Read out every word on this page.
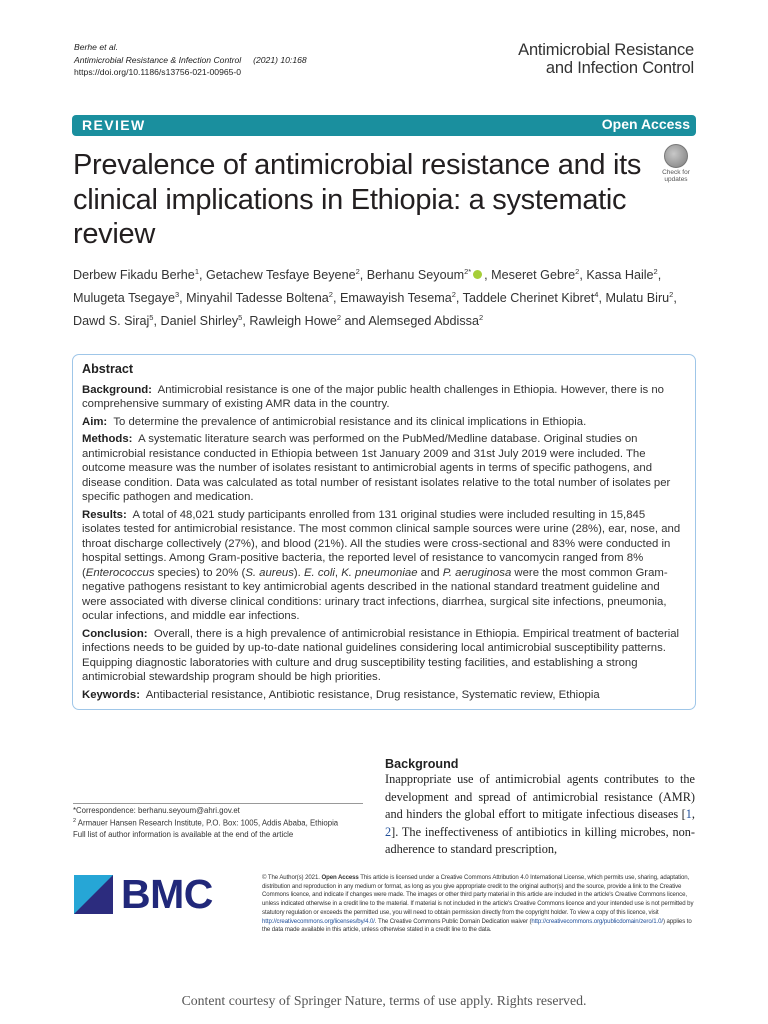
Berhe et al.
Antimicrobial Resistance & Infection Control (2021) 10:168
https://doi.org/10.1186/s13756-021-00965-0
Antimicrobial Resistance
and Infection Control
REVIEW	Open Access
Prevalence of antimicrobial resistance and its clinical implications in Ethiopia: a systematic review
Check for
updates
Derbew Fikadu Berhe$^1$, Getachew Tesfaye Beyene$^2$, Berhanu Seyoum$^{2*}$ , Meseret Gebre$^2$, Kassa Haile$^2$, Mulugeta Tsegaye$^3$, Minyahil Tadesse Boltena$^2$, Emawayish Tesema$^2$, Taddele Cherinet Kibret$^4$, Mulatu Biru$^2$, Dawd S. Siraj$^5$, Daniel Shirley$^5$, Rawleigh Howe$^2$ and Alemseged Abdissa$^2$
Abstract

Background: Antimicrobial resistance is one of the major public health challenges in Ethiopia. However, there is no comprehensive summary of existing AMR data in the country.

Aim: To determine the prevalence of antimicrobial resistance and its clinical implications in Ethiopia.

Methods: A systematic literature search was performed on the PubMed/Medline database. Original studies on antimicrobial resistance conducted in Ethiopia between 1st January 2009 and 31st July 2019 were included. The outcome measure was the number of isolates resistant to antimicrobial agents in terms of specific pathogens, and disease condition. Data was calculated as total number of resistant isolates relative to the total number of isolates per specific pathogen and medication.

Results: A total of 48,021 study participants enrolled from 131 original studies were included resulting in 15,845 isolates tested for antimicrobial resistance. The most common clinical sample sources were urine (28%), ear, nose, and throat discharge collectively (27%), and blood (21%). All the studies were cross-sectional and 83% were conducted in hospital settings. Among Gram-positive bacteria, the reported level of resistance to vancomycin ranged from 8% (Enterococcus species) to 20% (S. aureus). E. coli, K. pneumoniae and P. aeruginosa were the most common Gram-negative pathogens resistant to key antimicrobial agents described in the national standard treatment guideline and were associated with diverse clinical conditions: urinary tract infections, diarrhea, surgical site infections, pneumonia, ocular infections, and middle ear infections.

Conclusion: Overall, there is a high prevalence of antimicrobial resistance in Ethiopia. Empirical treatment of bacterial infections needs to be guided by up-to-date national guidelines considering local antimicrobial susceptibility patterns. Equipping diagnostic laboratories with culture and drug susceptibility testing facilities, and establishing a strong antimicrobial stewardship program should be high priorities.

Keywords: Antibacterial resistance, Antibiotic resistance, Drug resistance, Systematic review, Ethiopia

Background
Inappropriate use of antimicrobial agents contributes to the development and spread of antimicrobial resistance (AMR) and hinders the global effort to mitigate infectious diseases [1, 2]. The ineffectiveness of antibiotics in killing microbes, non-adherence to standard prescription,
*Correspondence: berhanu.seyoum@ahri.gov.et
$^2$ Armauer Hansen Research Institute, P.O. Box: 1005, Addis Ababa, Ethiopia
Full list of author information is available at the end of the article
BMC	© The Author(s) 2021. Open Access This article is licensed under a Creative Commons Attribution 4.0 International License, which permits use, sharing, adaptation, distribution and reproduction in any medium or format, as long as you give appropriate credit to the original author(s) and the source, provide a link to the Creative Commons licence, and indicate if changes were made. The images or other third party material in this article are included in the article's Creative Commons licence, unless indicated otherwise in a credit line to the material. If material is not included in the article's Creative Commons licence and your intended use is not permitted by statutory regulation or exceeds the permitted use, you will need to obtain permission directly from the copyright holder. To view a copy of this licence, visit http://creativecommons.org/licenses/by/4.0/. The Creative Commons Public Domain Dedication waiver (http://creativecommons.org/publicdomain/zero/1.0/) applies to the data made available in this article, unless otherwise stated in a credit line to the data.
Content courtesy of Springer Nature, terms of use apply. Rights reserved.
